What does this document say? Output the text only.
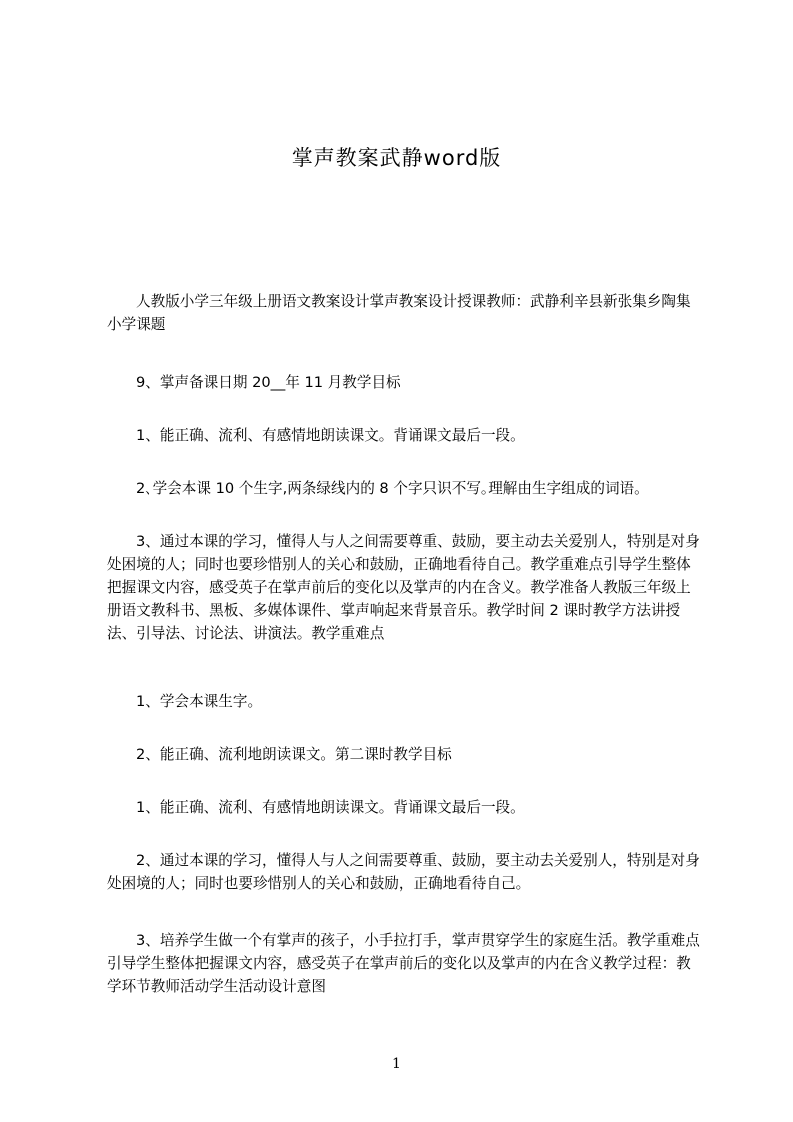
掌声教案武静word版

人教版小学三年级上册语文教案设计掌声教案设计授课教师：武静利辛县新张集乡陶集小学课题

9、掌声备课日期 20__年 11 月教学目标

1、能正确、流利、有感情地朗读课文。背诵课文最后一段。

2､学会本课 10 个生字,两条绿线内的 8 个字只识不写｡理解由生字组成的词语。

3、通过本课的学习，懂得人与人之间需要尊重、鼓励，要主动去关爱别人，特别是对身处困境的人；同时也要珍惜别人的关心和鼓励，正确地看待自己。教学重难点引导学生整体把握课文内容，感受英子在掌声前后的变化以及掌声的内在含义。教学准备人教版三年级上册语文教科书、黑板、多媒体课件、掌声响起来背景音乐。教学时间 2 课时教学方法讲授法、引导法、讨论法、讲演法。教学重难点

1、学会本课生字。

2、能正确、流利地朗读课文。第二课时教学目标

1、能正确、流利、有感情地朗读课文。背诵课文最后一段。

2、通过本课的学习，懂得人与人之间需要尊重、鼓励，要主动去关爱别人，特别是对身处困境的人；同时也要珍惜别人的关心和鼓励，正确地看待自己。

3、培养学生做一个有掌声的孩子，小手拉打手，掌声贯穿学生的家庭生活。教学重难点引导学生整体把握课文内容，感受英子在掌声前后的变化以及掌声的内在含义教学过程：教学环节教师活动学生活动设计意图

1
